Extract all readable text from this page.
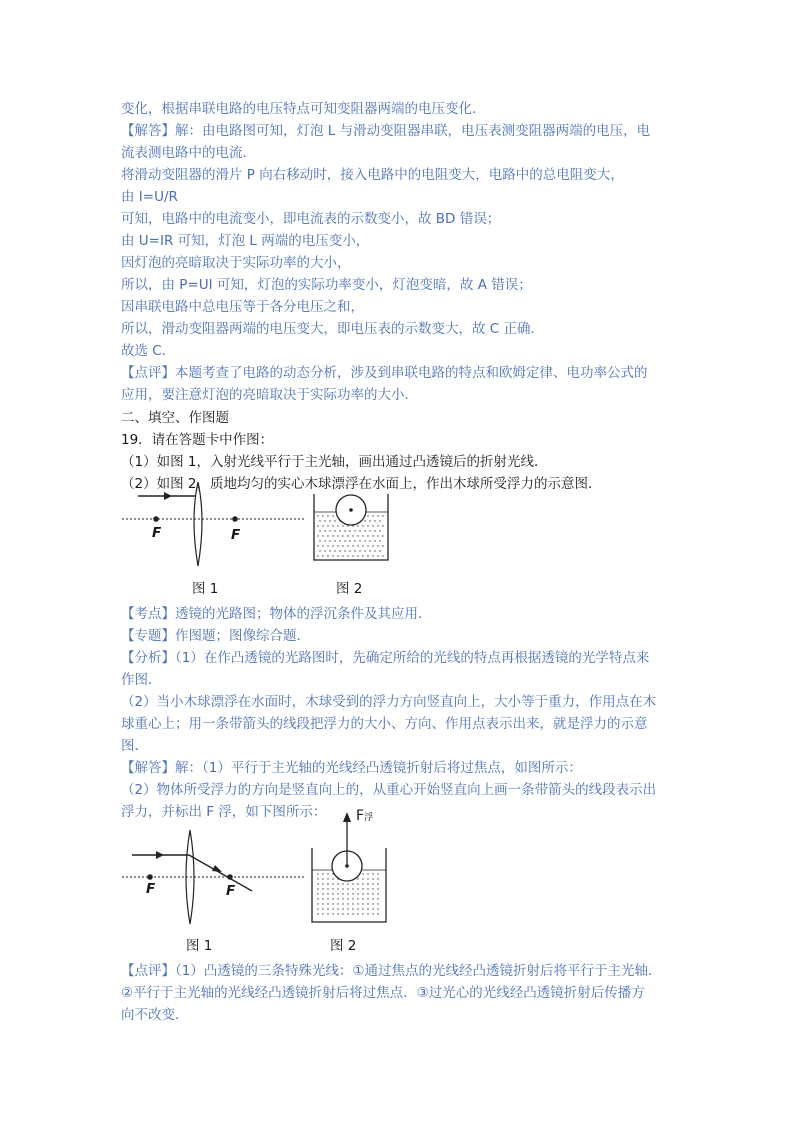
变化，根据串联电路的电压特点可知变阻器两端的电压变化．
【解答】解：由电路图可知，灯泡 L 与滑动变阻器串联，电压表测变阻器两端的电压，电
流表测电路中的电流．
将滑动变阻器的滑片 P 向右移动时，接入电路中的电阻变大，电路中的总电阻变大，
由 I=U/R
可知，电路中的电流变小，即电流表的示数变小，故 BD 错误；
由 U=IR 可知，灯泡 L 两端的电压变小，
因灯泡的亮暗取决于实际功率的大小，
所以，由 P=UI 可知，灯泡的实际功率变小，灯泡变暗，故 A 错误；
因串联电路中总电压等于各分电压之和，
所以，滑动变阻器两端的电压变大，即电压表的示数变大，故 C 正确．
故选 C．
【点评】本题考查了电路的动态分析，涉及到串联电路的特点和欧姆定律、电功率公式的
应用，要注意灯泡的亮暗取决于实际功率的大小．
二、填空、作图题
19．请在答题卡中作图：
（1）如图 1，入射光线平行于主光轴，画出通过凸透镜后的折射光线．
（2）如图 2，质地均匀的实心木球漂浮在水面上，作出木球所受浮力的示意图．
F	F
图 1	图 2
【考点】透镜的光路图；物体的浮沉条件及其应用．
【专题】作图题；图像综合题．
【分析】（1）在作凸透镜的光路图时，先确定所给的光线的特点再根据透镜的光学特点来
作图．
（2）当小木球漂浮在水面时，木球受到的浮力方向竖直向上，大小等于重力，作用点在木
球重心上；用一条带箭头的线段把浮力的大小、方向、作用点表示出来，就是浮力的示意
图．
【解答】解：（1）平行于主光轴的光线经凸透镜折射后将过焦点，如图所示：
（2）物体所受浮力的方向是竖直向上的，从重心开始竖直向上画一条带箭头的线段表示出
浮力，并标出 F 浮，如下图所示：
F	F
图 1
F浮
图 2
【点评】（1）凸透镜的三条特殊光线：①通过焦点的光线经凸透镜折射后将平行于主光轴．
②平行于主光轴的光线经凸透镜折射后将过焦点．③过光心的光线经凸透镜折射后传播方
向不改变．
